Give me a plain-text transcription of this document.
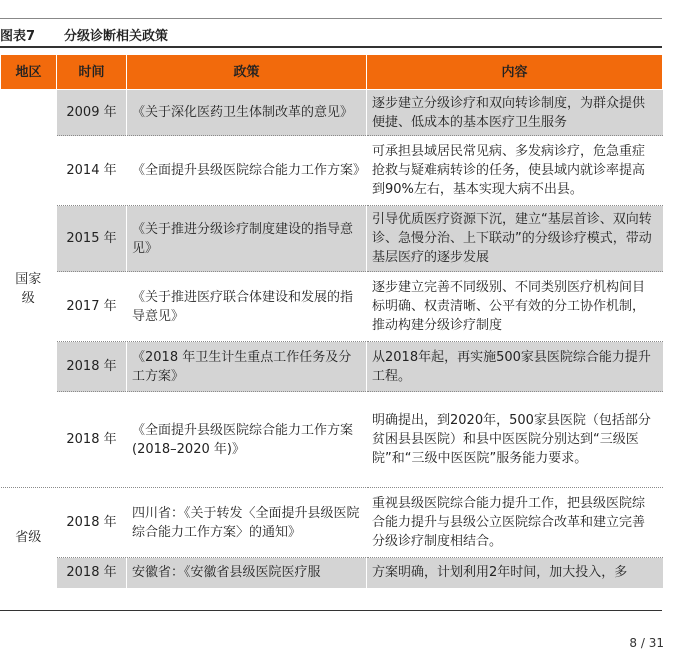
图表7 分级诊断相关政策
地区	时间	政策	内容

国家级	2009 年	《关于深化医药卫生体制改革的意见》	逐步建立分级诊疗和双向转诊制度，为群众提供便捷、低成本的基本医疗卫生服务
	2014 年	《全面提升县级医院综合能力工作方案》	可承担县域居民常见病、多发病诊疗，危急重症抢救与疑难病转诊的任务，使县域内就诊率提高到90%左右，基本实现大病不出县。
	2015 年	《关于推进分级诊疗制度建设的指导意见》	引导优质医疗资源下沉，建立“基层首诊、双向转诊、急慢分治、上下联动”的分级诊疗模式，带动基层医疗的逐步发展
	2017 年	《关于推进医疗联合体建设和发展的指导意见》	逐步建立完善不同级别、不同类别医疗机构间目标明确、权责清晰、公平有效的分工协作机制，推动构建分级诊疗制度
	2018 年	《2018 年卫生计生重点工作任务及分工方案》	从2018年起，再实施500家县医院综合能力提升工程。
	2018 年	《全面提升县级医院综合能力工作方案(2018–2020 年)》	明确提出，到2020年，500家县医院（包括部分贫困县县医院）和县中医医院分别达到“三级医院”和“三级中医医院”服务能力要求。

省级	2018 年	四川省：《关于转发〈全面提升县级医院综合能力工作方案〉的通知》	重视县级医院综合能力提升工作，把县级医院综合能力提升与县级公立医院综合改革和建立完善分级诊疗制度相结合。
	2018 年	安徽省：《安徽省县级医院医疗服	方案明确，计划利用2年时间，加大投入，多
8 / 31
